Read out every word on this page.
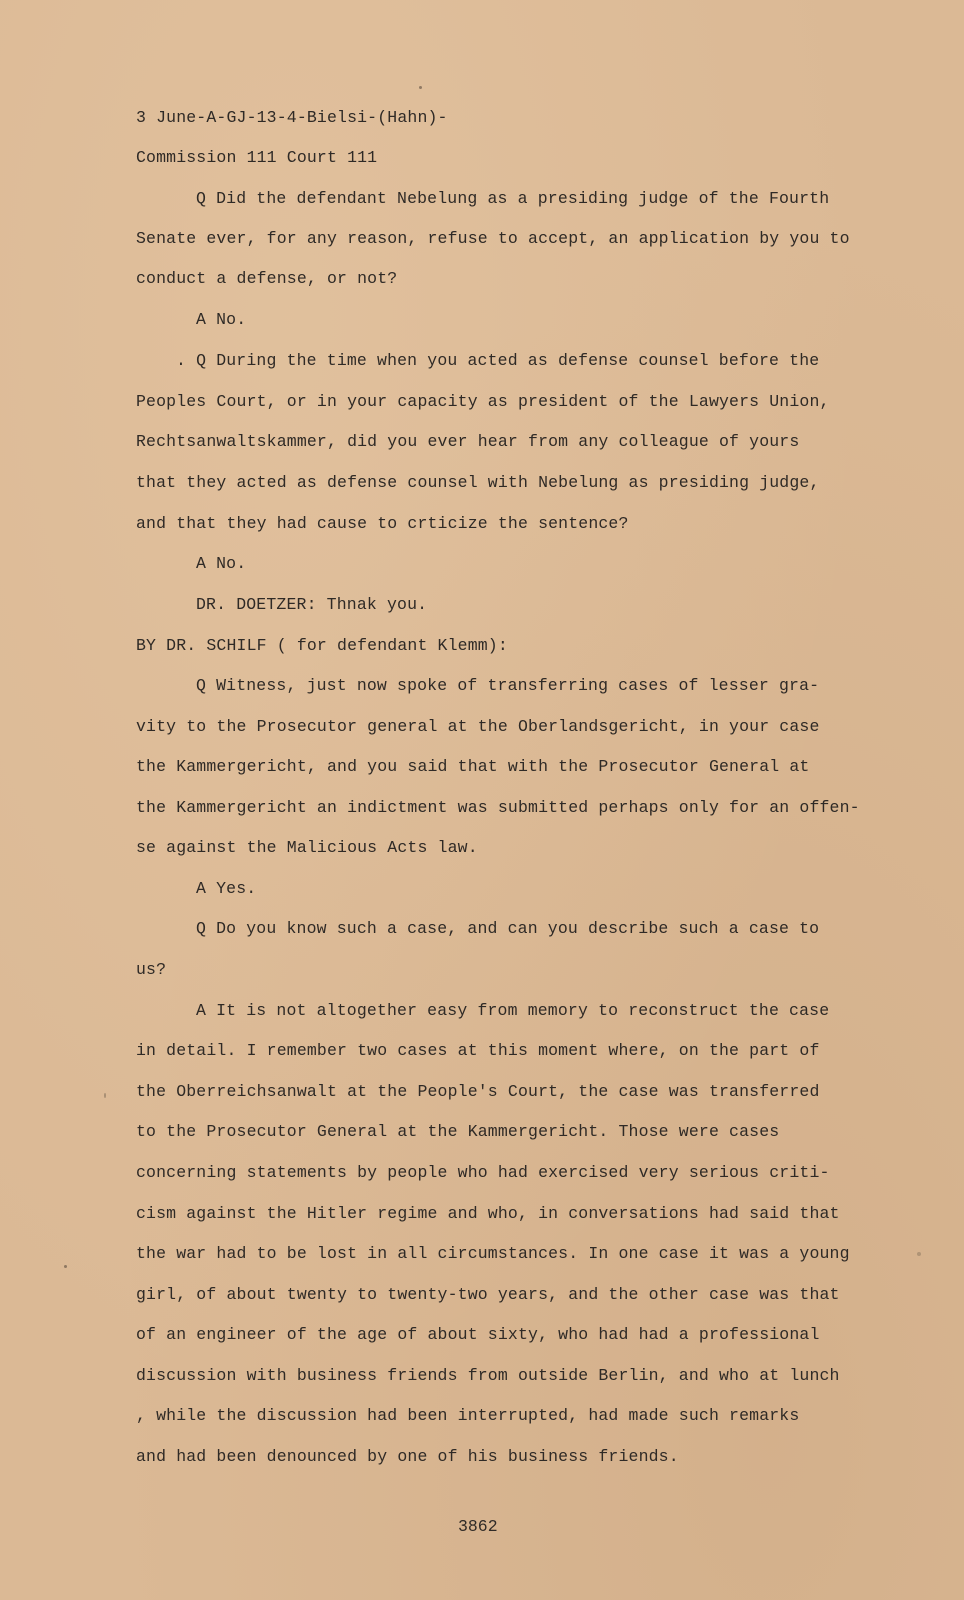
3 June-A-GJ-13-4-Bielsi-(Hahn)-
Commission 111 Court 111
Q Did the defendant Nebelung as a presiding judge of the Fourth
Senate ever, for any reason, refuse to accept, an application by you to
conduct a defense, or not?
A No.
. Q During the time when you acted as defense counsel before the
Peoples Court, or in your capacity as president of the Lawyers Union,
Rechtsanwaltskammer, did you ever hear from any colleague of yours
that they acted as defense counsel with Nebelung as presiding judge,
and that they had cause to crticize the sentence?
A No.
DR. DOETZER: Thnak you.
BY DR. SCHILF ( for defendant Klemm):
Q Witness, just now spoke of transferring cases of lesser gra-
vity to the Prosecutor general at the Oberlandsgericht, in your case
the Kammergericht, and you said that with the Prosecutor General at
the Kammergericht an indictment was submitted perhaps only for an offen-
se against the Malicious Acts law.
A Yes.
Q Do you know such a case, and can you describe such a case to
us?
A It is not altogether easy from memory to reconstruct the case
in detail. I remember two cases at this moment where, on the part of
the Oberreichsanwalt at the People's Court, the case was transferred
to the Prosecutor General at the Kammergericht. Those were cases
concerning statements by people who had exercised very serious criti-
cism against the Hitler regime and who, in conversations had said that
the war had to be lost in all circumstances. In one case it was a young
girl, of about twenty to twenty-two years, and the other case was that
of an engineer of the age of about sixty, who had had a professional
discussion with business friends from outside Berlin, and who at lunch
, while the discussion had been interrupted, had made such remarks
and had been denounced by one of his business friends.
3862
